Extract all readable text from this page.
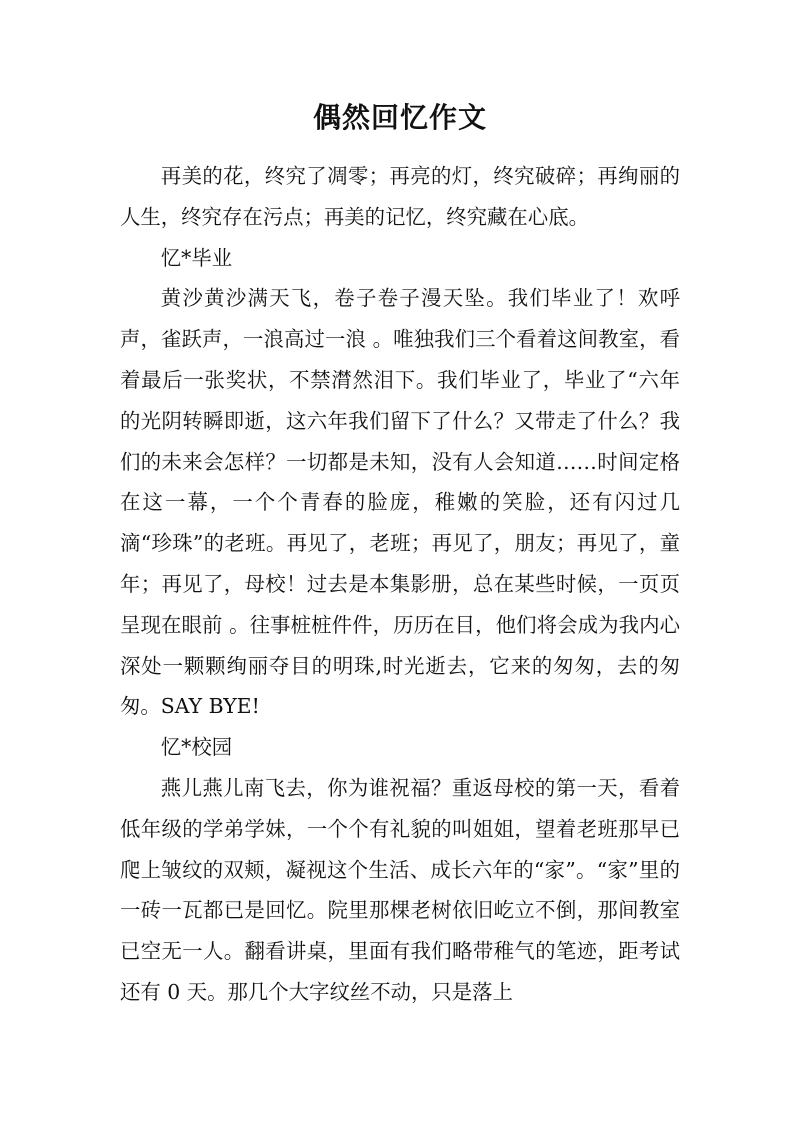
偶然回忆作文

再美的花，终究了凋零；再亮的灯，终究破碎；再绚丽的人生，终究存在污点；再美的记忆，终究藏在心底。

忆*毕业

黄沙黄沙满天飞，卷子卷子漫天坠。我们毕业了！欢呼声，雀跃声，一浪高过一浪 。唯独我们三个看着这间教室，看着最后一张奖状，不禁潸然泪下。我们毕业了，毕业了“六年的光阴转瞬即逝，这六年我们留下了什么？又带走了什么？我们的未来会怎样？一切都是未知，没有人会知道……时间定格在这一幕，一个个青春的脸庞，稚嫩的笑脸，还有闪过几滴“珍珠”的老班。再见了，老班；再见了，朋友；再见了，童年；再见了，母校！过去是本集影册，总在某些时候，一页页呈现在眼前 。往事桩桩件件，历历在目，他们将会成为我内心深处一颗颗绚丽夺目的明珠,时光逝去，它来的匆匆，去的匆匆。SAY BYE!

忆*校园

燕儿燕儿南飞去，你为谁祝福？重返母校的第一天，看着低年级的学弟学妹，一个个有礼貌的叫姐姐，望着老班那早已爬上皱纹的双颊，凝视这个生活、成长六年的“家”。“家”里的一砖一瓦都已是回忆。院里那棵老树依旧屹立不倒，那间教室已空无一人。翻看讲桌，里面有我们略带稚气的笔迹，距考试还有 0 天。那几个大字纹丝不动，只是落上
